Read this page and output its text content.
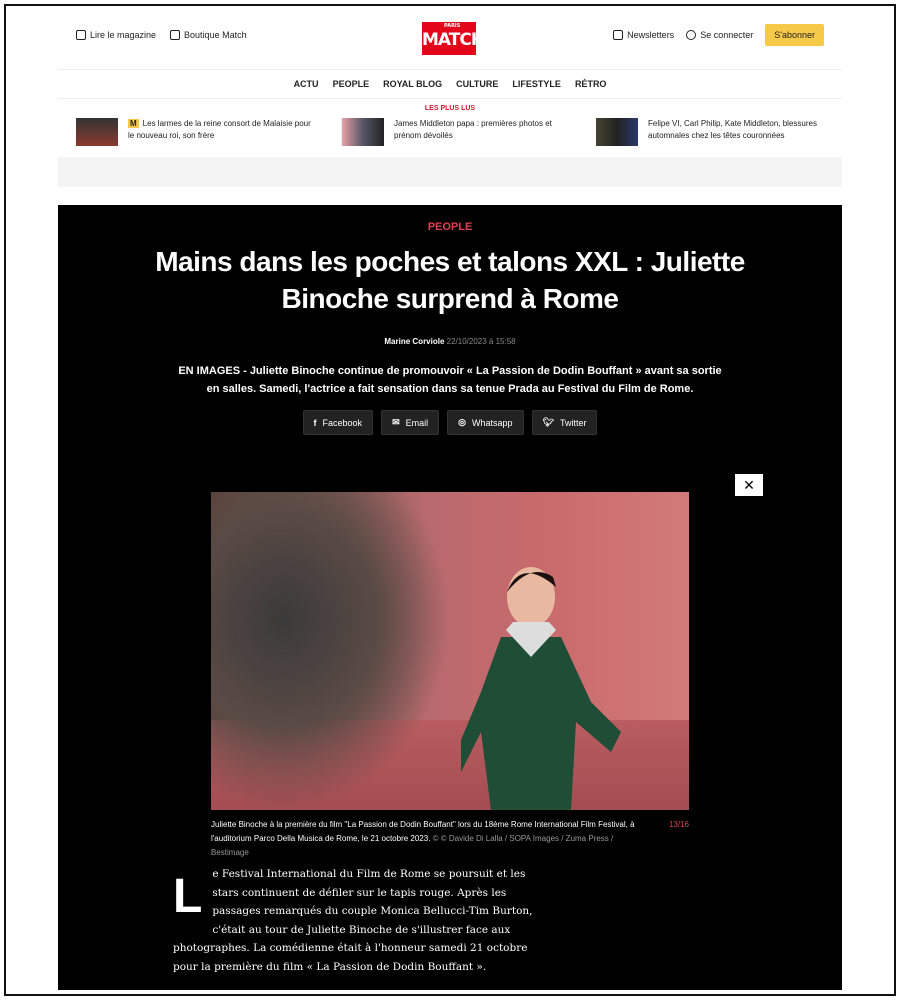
Lire le magazine	Boutique Match
PARIS
MATCH	Newsletters	Se connecter	S'abonner
ACTU PEOPLE ROYAL BLOG CULTURE LIFESTYLE RÉTRO
LES PLUS LUS
M Les larmes de la reine consort de Malaisie pour le nouveau roi, son frère
James Middleton papa : premières photos et prénom dévoilés
Felipe VI, Carl Philip, Kate Middleton, blessures automnales chez les têtes couronnées
PEOPLE
Mains dans les poches et talons XXL : Juliette Binoche surprend à Rome
Marine Corviole 22/10/2023 à 15:58
EN IMAGES - Juliette Binoche continue de promouvoir « La Passion de Dodin Bouffant » avant sa sortie en salles. Samedi, l'actrice a fait sensation dans sa tenue Prada au Festival du Film de Rome.
f Facebook	✉ Email	◎ Whatsapp	🐦︎ Twitter
✕
Juliette Binoche à la première du film "La Passion de Dodin Bouffant" lors du 18ème Rome International Film Festival, à l'auditorium Parco Della Musica de Rome, le 21 octobre 2023. © © Davide Di Lalla / SOPA Images / Zuma Press / Bestimage
13/16
Le Festival International du Film de Rome se poursuit et les stars continuent de défiler sur le tapis rouge. Après les passages remarqués du couple Monica Bellucci-Tim Burton, c'était au tour de Juliette Binoche de s'illustrer face aux photographes. La comédienne était à l'honneur samedi 21 octobre pour la première du film « La Passion de Dodin Bouffant ».
